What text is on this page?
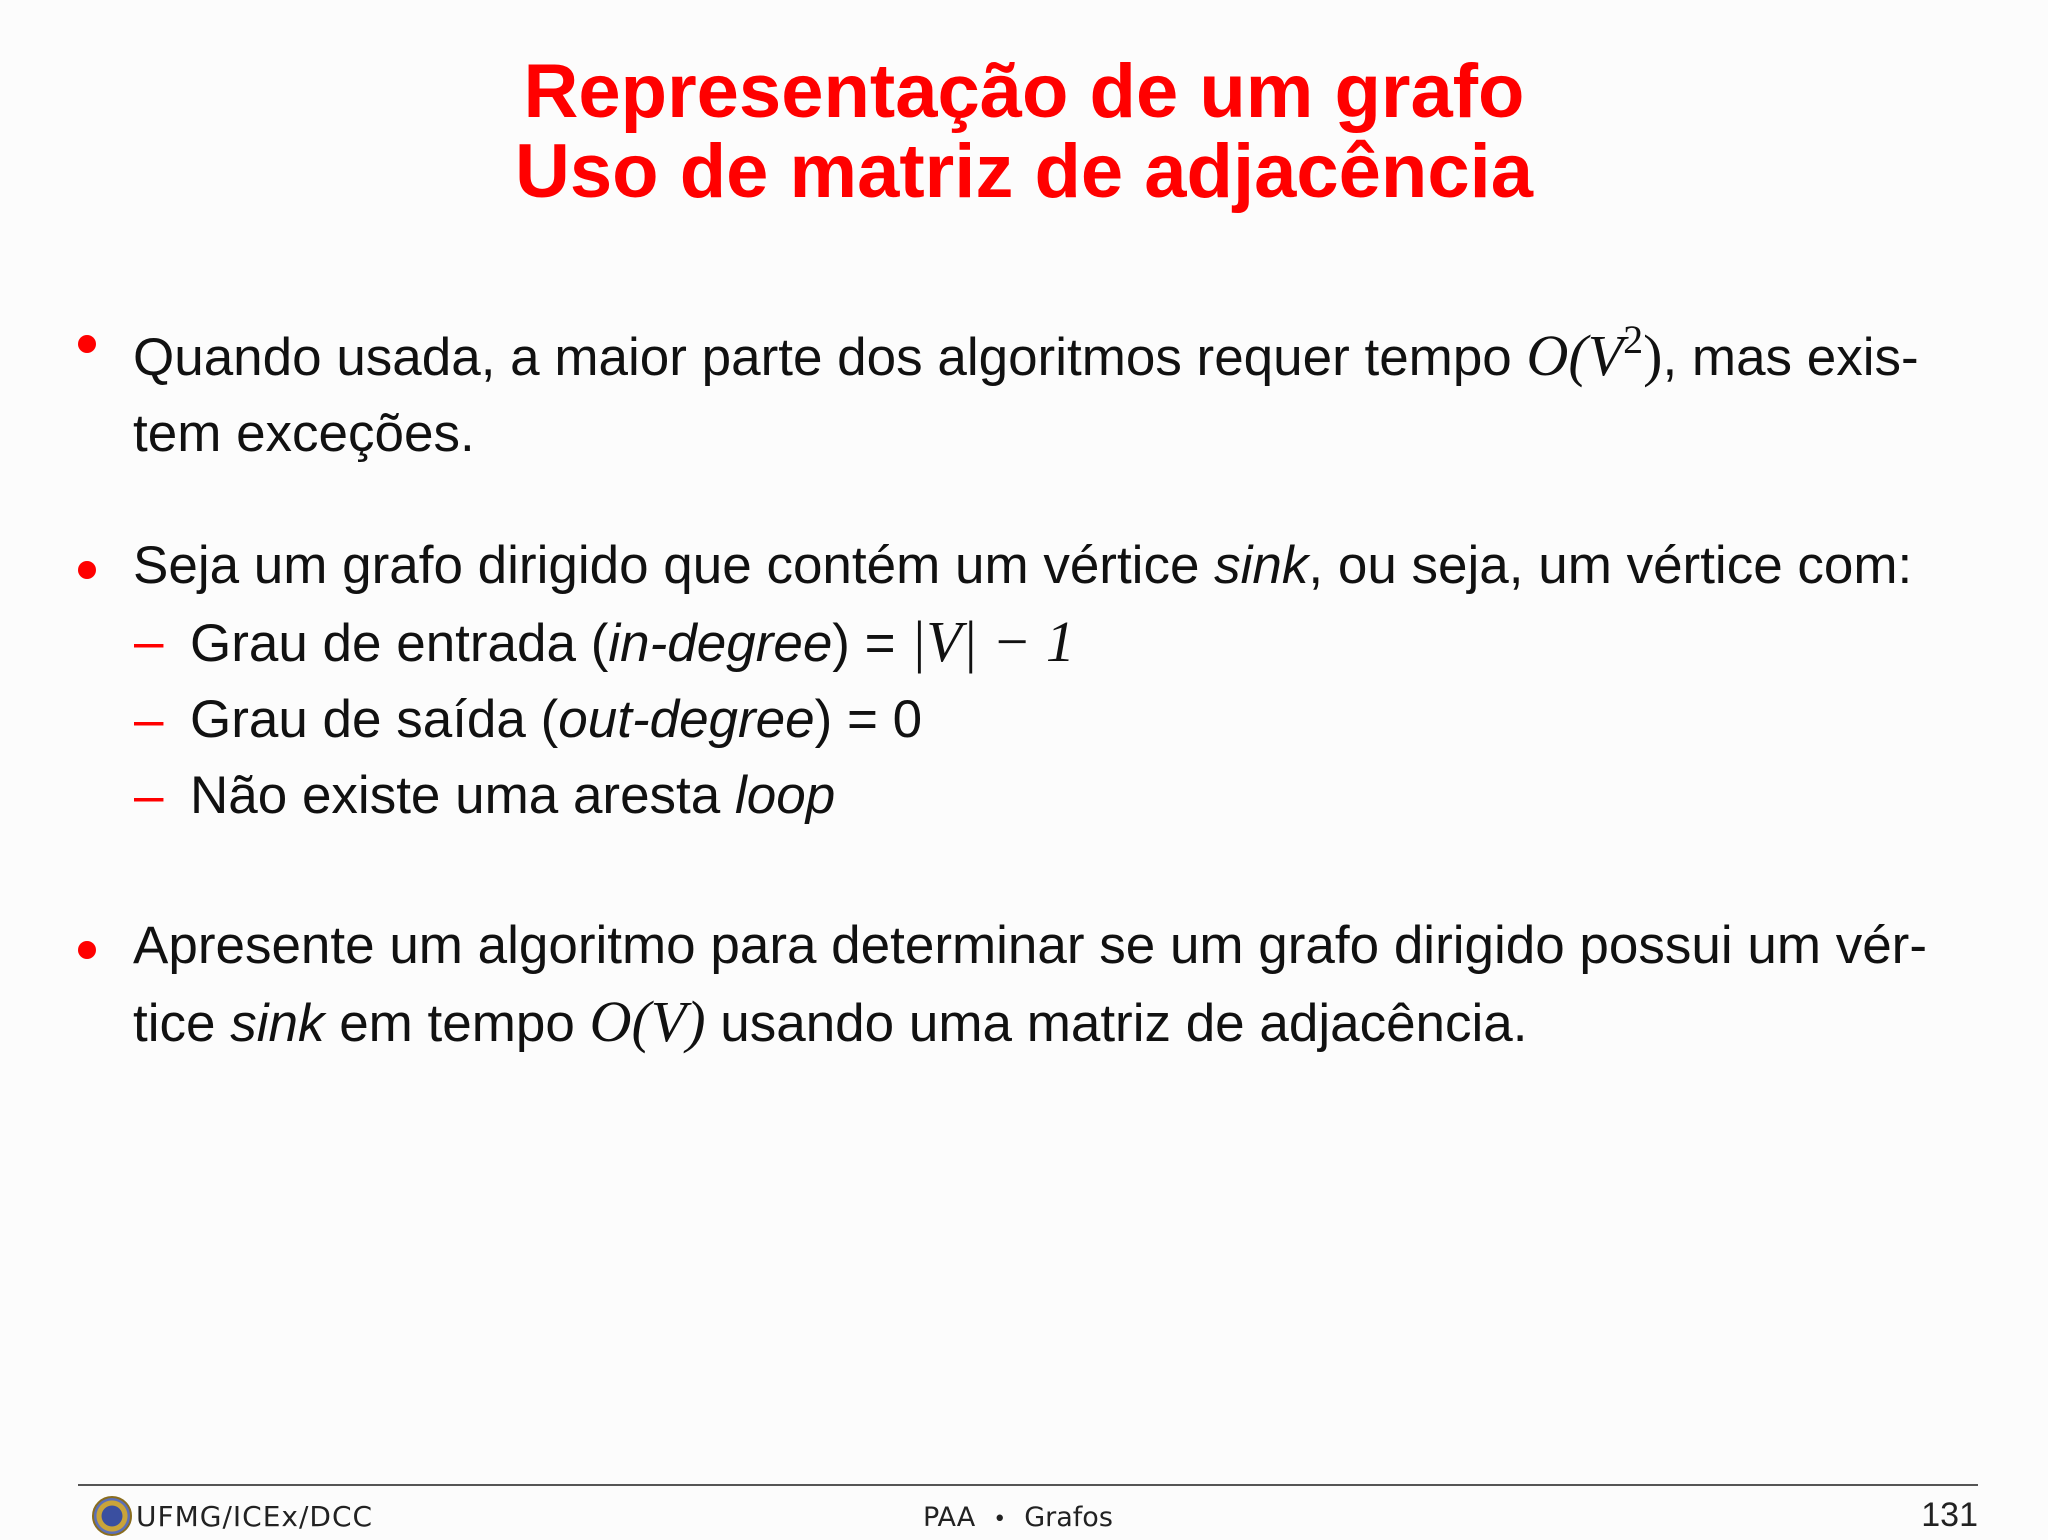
Representação de um grafo
Uso de matriz de adjacência
Quando usada, a maior parte dos algoritmos requer tempo $O(V^2)$, mas exis-
tem exceções.
Seja um grafo dirigido que contém um vértice sink, ou seja, um vértice com:
– Grau de entrada (in-degree) = |V| − 1
– Grau de saída (out-degree) = 0
– Não existe uma aresta loop
Apresente um algoritmo para determinar se um grafo dirigido possui um vér-
tice sink em tempo O(V) usando uma matriz de adjacência.
UFMG/ICEx/DCC	PAA • Grafos	131
